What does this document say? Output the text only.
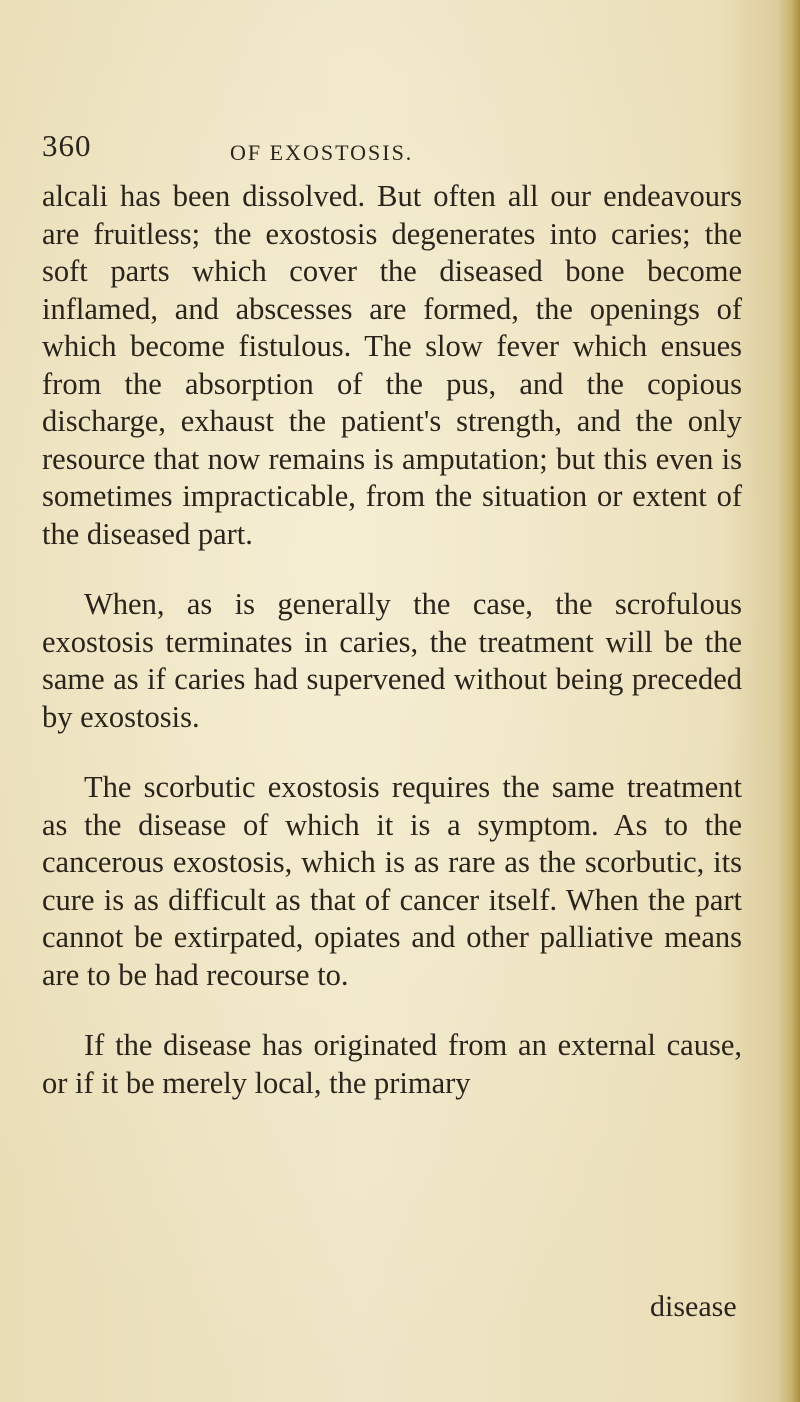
360	OF EXOSTOSIS.

alcali has been dissolved. But often all our endeavours are fruitless; the exostosis degenerates into caries; the soft parts which cover the diseased bone become inflamed, and abscesses are formed, the openings of which become fistulous. The slow fever which ensues from the absorption of the pus, and the copious discharge, exhaust the patient's strength, and the only resource that now remains is amputation; but this even is sometimes impracticable, from the situation or extent of the diseased part.

When, as is generally the case, the scrofulous exostosis terminates in caries, the treatment will be the same as if caries had supervened without being preceded by exostosis.

The scorbutic exostosis requires the same treatment as the disease of which it is a symptom. As to the cancerous exostosis, which is as rare as the scorbutic, its cure is as difficult as that of cancer itself. When the part cannot be extirpated, opiates and other palliative means are to be had recourse to.

If the disease has originated from an external cause, or if it be merely local, the primary

disease
